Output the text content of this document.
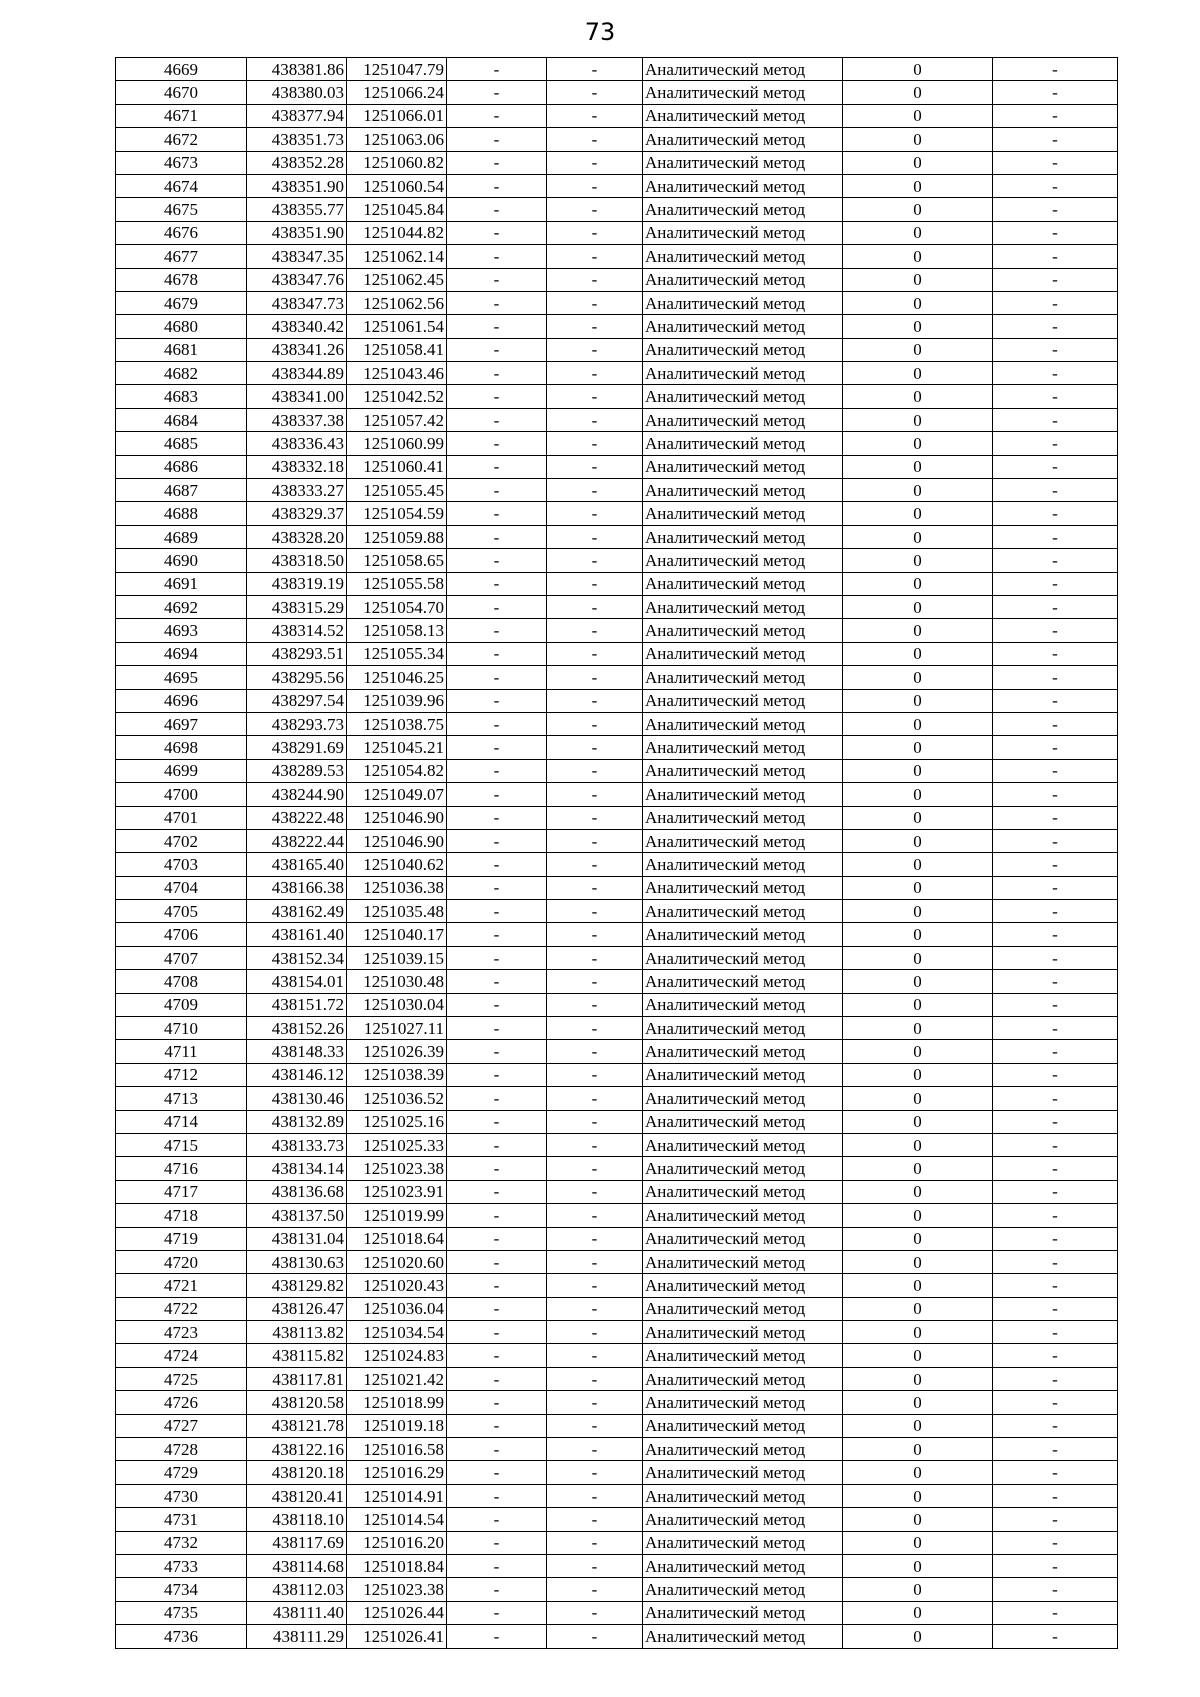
73
4669	438381.86	1251047.79	-	-	Аналитический метод	0	-
4670	438380.03	1251066.24	-	-	Аналитический метод	0	-
4671	438377.94	1251066.01	-	-	Аналитический метод	0	-
4672	438351.73	1251063.06	-	-	Аналитический метод	0	-
4673	438352.28	1251060.82	-	-	Аналитический метод	0	-
4674	438351.90	1251060.54	-	-	Аналитический метод	0	-
4675	438355.77	1251045.84	-	-	Аналитический метод	0	-
4676	438351.90	1251044.82	-	-	Аналитический метод	0	-
4677	438347.35	1251062.14	-	-	Аналитический метод	0	-
4678	438347.76	1251062.45	-	-	Аналитический метод	0	-
4679	438347.73	1251062.56	-	-	Аналитический метод	0	-
4680	438340.42	1251061.54	-	-	Аналитический метод	0	-
4681	438341.26	1251058.41	-	-	Аналитический метод	0	-
4682	438344.89	1251043.46	-	-	Аналитический метод	0	-
4683	438341.00	1251042.52	-	-	Аналитический метод	0	-
4684	438337.38	1251057.42	-	-	Аналитический метод	0	-
4685	438336.43	1251060.99	-	-	Аналитический метод	0	-
4686	438332.18	1251060.41	-	-	Аналитический метод	0	-
4687	438333.27	1251055.45	-	-	Аналитический метод	0	-
4688	438329.37	1251054.59	-	-	Аналитический метод	0	-
4689	438328.20	1251059.88	-	-	Аналитический метод	0	-
4690	438318.50	1251058.65	-	-	Аналитический метод	0	-
4691	438319.19	1251055.58	-	-	Аналитический метод	0	-
4692	438315.29	1251054.70	-	-	Аналитический метод	0	-
4693	438314.52	1251058.13	-	-	Аналитический метод	0	-
4694	438293.51	1251055.34	-	-	Аналитический метод	0	-
4695	438295.56	1251046.25	-	-	Аналитический метод	0	-
4696	438297.54	1251039.96	-	-	Аналитический метод	0	-
4697	438293.73	1251038.75	-	-	Аналитический метод	0	-
4698	438291.69	1251045.21	-	-	Аналитический метод	0	-
4699	438289.53	1251054.82	-	-	Аналитический метод	0	-
4700	438244.90	1251049.07	-	-	Аналитический метод	0	-
4701	438222.48	1251046.90	-	-	Аналитический метод	0	-
4702	438222.44	1251046.90	-	-	Аналитический метод	0	-
4703	438165.40	1251040.62	-	-	Аналитический метод	0	-
4704	438166.38	1251036.38	-	-	Аналитический метод	0	-
4705	438162.49	1251035.48	-	-	Аналитический метод	0	-
4706	438161.40	1251040.17	-	-	Аналитический метод	0	-
4707	438152.34	1251039.15	-	-	Аналитический метод	0	-
4708	438154.01	1251030.48	-	-	Аналитический метод	0	-
4709	438151.72	1251030.04	-	-	Аналитический метод	0	-
4710	438152.26	1251027.11	-	-	Аналитический метод	0	-
4711	438148.33	1251026.39	-	-	Аналитический метод	0	-
4712	438146.12	1251038.39	-	-	Аналитический метод	0	-
4713	438130.46	1251036.52	-	-	Аналитический метод	0	-
4714	438132.89	1251025.16	-	-	Аналитический метод	0	-
4715	438133.73	1251025.33	-	-	Аналитический метод	0	-
4716	438134.14	1251023.38	-	-	Аналитический метод	0	-
4717	438136.68	1251023.91	-	-	Аналитический метод	0	-
4718	438137.50	1251019.99	-	-	Аналитический метод	0	-
4719	438131.04	1251018.64	-	-	Аналитический метод	0	-
4720	438130.63	1251020.60	-	-	Аналитический метод	0	-
4721	438129.82	1251020.43	-	-	Аналитический метод	0	-
4722	438126.47	1251036.04	-	-	Аналитический метод	0	-
4723	438113.82	1251034.54	-	-	Аналитический метод	0	-
4724	438115.82	1251024.83	-	-	Аналитический метод	0	-
4725	438117.81	1251021.42	-	-	Аналитический метод	0	-
4726	438120.58	1251018.99	-	-	Аналитический метод	0	-
4727	438121.78	1251019.18	-	-	Аналитический метод	0	-
4728	438122.16	1251016.58	-	-	Аналитический метод	0	-
4729	438120.18	1251016.29	-	-	Аналитический метод	0	-
4730	438120.41	1251014.91	-	-	Аналитический метод	0	-
4731	438118.10	1251014.54	-	-	Аналитический метод	0	-
4732	438117.69	1251016.20	-	-	Аналитический метод	0	-
4733	438114.68	1251018.84	-	-	Аналитический метод	0	-
4734	438112.03	1251023.38	-	-	Аналитический метод	0	-
4735	438111.40	1251026.44	-	-	Аналитический метод	0	-
4736	438111.29	1251026.41	-	-	Аналитический метод	0	-
